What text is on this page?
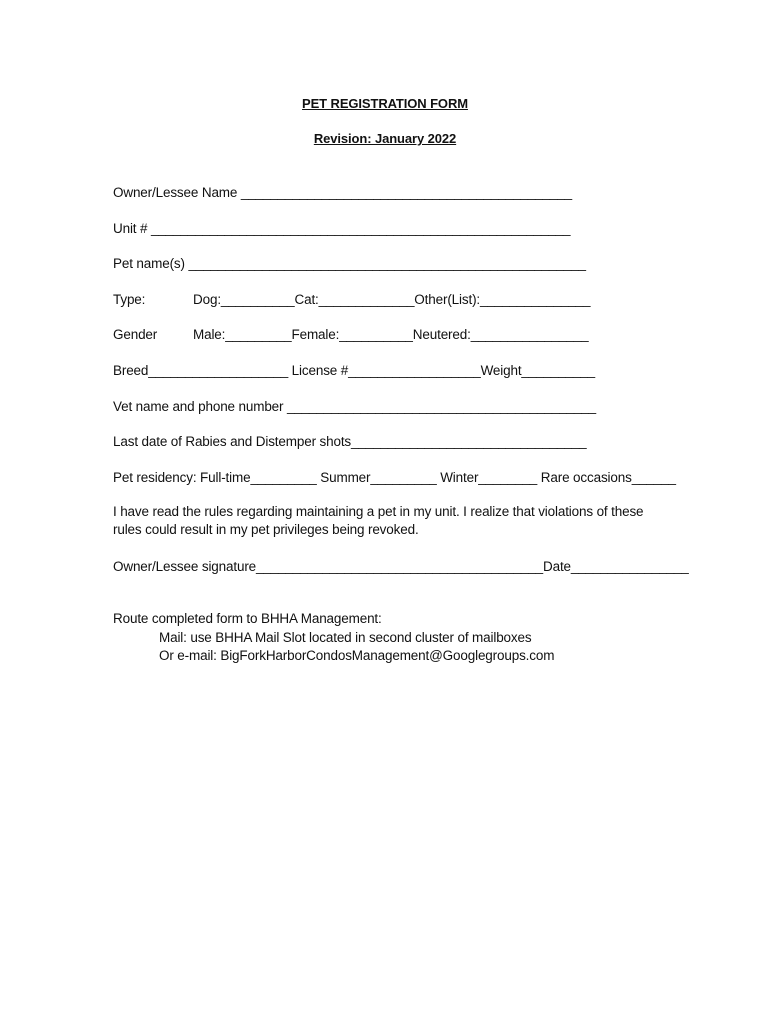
PET REGISTRATION FORM
Revision: January 2022
Owner/Lessee Name _____________________________________________
Unit # _________________________________________________________
Pet name(s) ______________________________________________________
Type:	Dog:__________Cat:_____________Other(List):_______________
Gender	Male:_________Female:__________Neutered:________________
Breed___________________ License #__________________Weight__________
Vet name and phone number __________________________________________
Last date of Rabies and Distemper shots________________________________
Pet residency: Full-time_________ Summer_________ Winter________ Rare occasions______
I have read the rules regarding maintaining a pet in my unit. I realize that violations of these rules could result in my pet privileges being revoked.
Owner/Lessee signature_______________________________________Date________________
Route completed form to BHHA Management:
Mail: use BHHA Mail Slot located in second cluster of mailboxes
Or e-mail: BigForkHarborCondosManagement@Googlegroups.com
